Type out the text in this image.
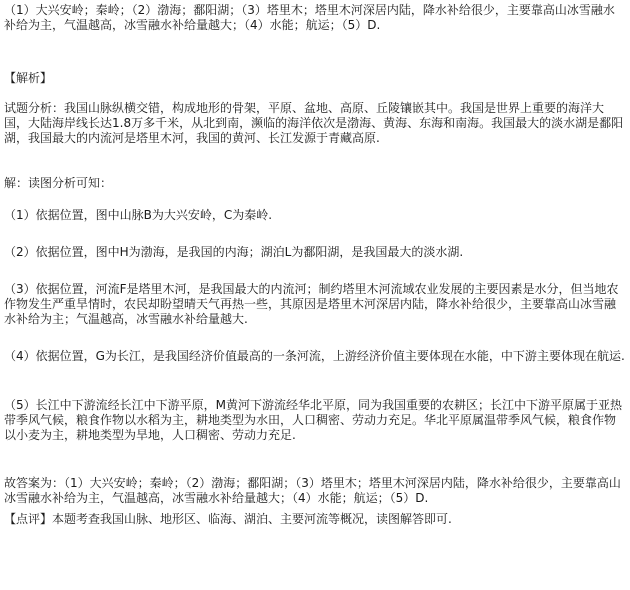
（1）大兴安岭；秦岭；（2）渤海；鄱阳湖；（3）塔里木；塔里木河深居内陆，降水补给很少，主要靠高山冰雪融水补给为主，气温越高，冰雪融水补给量越大；（4）水能；航运；（5）D.

【解析】

试题分析：我国山脉纵横交错，构成地形的骨架，平原、盆地、高原、丘陵镶嵌其中。我国是世界上重要的海洋大国，大陆海岸线长达1.8万多千米，从北到南，濒临的海洋依次是渤海、黄海、东海和南海。我国最大的淡水湖是鄱阳湖，我国最大的内流河是塔里木河，我国的黄河、长江发源于青藏高原.

解：读图分析可知：

（1）依据位置，图中山脉B为大兴安岭，C为秦岭.

（2）依据位置，图中H为渤海，是我国的内海；湖泊L为鄱阳湖，是我国最大的淡水湖.

（3）依据位置，河流F是塔里木河，是我国最大的内流河；制约塔里木河流域农业发展的主要因素是水分，但当地农作物发生严重旱情时，农民却盼望晴天气再热一些，其原因是塔里木河深居内陆，降水补给很少，主要靠高山冰雪融水补给为主；气温越高，冰雪融水补给量越大.

（4）依据位置，G为长江，是我国经济价值最高的一条河流，上游经济价值主要体现在水能，中下游主要体现在航运.

（5）长江中下游流经长江中下游平原，M黄河下游流经华北平原，同为我国重要的农耕区；长江中下游平原属于亚热带季风气候，粮食作物以水稻为主，耕地类型为水田，人口稠密、劳动力充足。华北平原属温带季风气候，粮食作物以小麦为主，耕地类型为旱地，人口稠密、劳动力充足.

故答案为：（1）大兴安岭；秦岭；（2）渤海；鄱阳湖；（3）塔里木；塔里木河深居内陆，降水补给很少，主要靠高山冰雪融水补给为主，气温越高，冰雪融水补给量越大；（4）水能；航运；（5）D.

【点评】本题考查我国山脉、地形区、临海、湖泊、主要河流等概况，读图解答即可.
